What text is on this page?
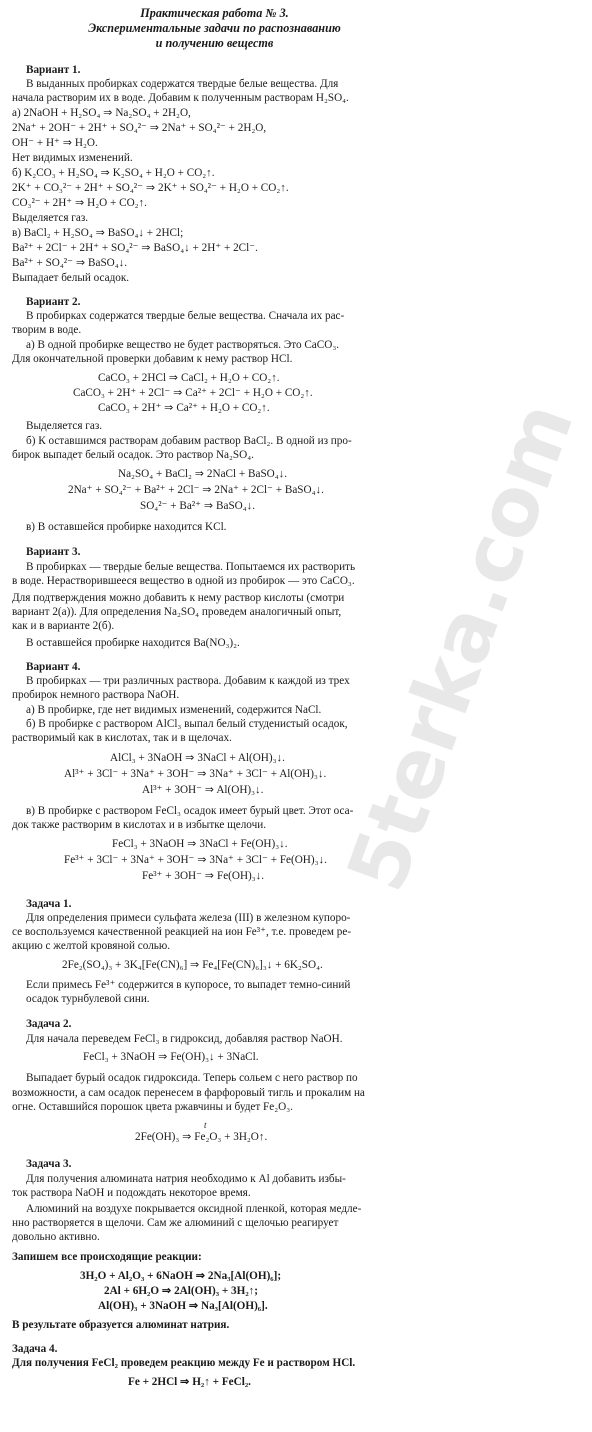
Практическая работа № 3.
Экспериментальные задачи по распознаванию
и получению веществ
5terka.com
Вариант 1.
В выданных пробирках содержатся твердые белые вещества. Для
начала растворим их в воде. Добавим к полученным растворам H₂SO₄.
а) 2NaOH + H₂SO₄ ⇒ Na₂SO₄ + 2H₂O,
2Na⁺ + 2OH⁻ + 2H⁺ + SO₄²⁻ ⇒ 2Na⁺ + SO₄²⁻ + 2H₂O,
OH⁻ + H⁺ ⇒ H₂O.
Нет видимых изменений.
б) K₂CO₃ + H₂SO₄ ⇒ K₂SO₄ + H₂O + CO₂↑.
2K⁺ + CO₃²⁻ + 2H⁺ + SO₄²⁻ ⇒ 2K⁺ + SO₄²⁻ + H₂O + CO₂↑.
CO₃²⁻ + 2H⁺ ⇒ H₂O + CO₂↑.
Выделяется газ.
в) BaCl₂ + H₂SO₄ ⇒ BaSO₄↓ + 2HCl;
Ba²⁺ + 2Cl⁻ + 2H⁺ + SO₄²⁻ ⇒ BaSO₄↓ + 2H⁺ + 2Cl⁻.
Ba²⁺ + SO₄²⁻ ⇒ BaSO₄↓.
Выпадает белый осадок.
Вариант 2.
В пробирках содержатся твердые белые вещества. Сначала их рас-
творим в воде.
а) В одной пробирке вещество не будет растворяться. Это CaCO₃.
Для окончательной проверки добавим к нему раствор HCl.
CaCO₃ + 2HCl ⇒ CaCl₂ + H₂O + CO₂↑.
CaCO₃ + 2H⁺ + 2Cl⁻ ⇒ Ca²⁺ + 2Cl⁻ + H₂O + CO₂↑.
CaCO₃ + 2H⁺ ⇒ Ca²⁺ + H₂O + CO₂↑.
Выделяется газ.
б) К оставшимся растворам добавим раствор BaCl₂. В одной из про-
бирок выпадет белый осадок. Это раствор Na₂SO₄.
Na₂SO₄ + BaCl₂ ⇒ 2NaCl + BaSO₄↓.
2Na⁺ + SO₄²⁻ + Ba²⁺ + 2Cl⁻ ⇒ 2Na⁺ + 2Cl⁻ + BaSO₄↓.
SO₄²⁻ + Ba²⁺ ⇒ BaSO₄↓.
в) В оставшейся пробирке находится KCl.
Вариант 3.
В пробирках — твердые белые вещества. Попытаемся их растворить
в воде. Нерастворившееся вещество в одной из пробирок — это CaCO₃.
Для подтверждения можно добавить к нему раствор кислоты (смотри
вариант 2(а)). Для определения Na₂SO₄ проведем аналогичный опыт,
как и в варианте 2(б).
В оставшейся пробирке находится Ba(NO₃)₂.
Вариант 4.
В пробирках — три различных раствора. Добавим к каждой из трех
пробирок немного раствора NaOH.
а) В пробирке, где нет видимых изменений, содержится NaCl.
б) В пробирке с раствором AlCl₃ выпал белый студенистый осадок,
растворимый как в кислотах, так и в щелочах.
AlCl₃ + 3NaOH ⇒ 3NaCl + Al(OH)₃↓.
Al³⁺ + 3Cl⁻ + 3Na⁺ + 3OH⁻ ⇒ 3Na⁺ + 3Cl⁻ + Al(OH)₃↓.
Al³⁺ + 3OH⁻ ⇒ Al(OH)₃↓.
в) В пробирке с раствором FeCl₃ осадок имеет бурый цвет. Этот оса-
док также растворим в кислотах и в избытке щелочи.
FeCl₃ + 3NaOH ⇒ 3NaCl + Fe(OH)₃↓.
Fe³⁺ + 3Cl⁻ + 3Na⁺ + 3OH⁻ ⇒ 3Na⁺ + 3Cl⁻ + Fe(OH)₃↓.
Fe³⁺ + 3OH⁻ ⇒ Fe(OH)₃↓.
Задача 1.
Для определения примеси сульфата железа (III) в железном купоро-
се воспользуемся качественной реакцией на ион Fe³⁺, т.е. проведем ре-
акцию с желтой кровяной солью.
2Fe₂(SO₄)₃ + 3K₄[Fe(CN)₆] ⇒ Fe₄[Fe(CN)₆]₃↓ + 6K₂SO₄.
Если примесь Fe³⁺ содержится в купоросе, то выпадет темно-синий
осадок турнбулевой сини.
Задача 2.
Для начала переведем FeCl₃ в гидроксид, добавляя раствор NaOH.
FeCl₃ + 3NaOH ⇒ Fe(OH)₃↓ + 3NaCl.
Выпадает бурый осадок гидроксида. Теперь сольем с него раствор по
возможности, а сам осадок перенесем в фарфоровый тигль и прокалим на
огне. Оставшийся порошок цвета ржавчины и будет Fe₂O₃.
t
2Fe(OH)₃ ⇒ Fe₂O₃ + 3H₂O↑.
Задача 3.
Для получения алюмината натрия необходимо к Al добавить избы-
ток раствора NaOH и подождать некоторое время.
Алюминий на воздухе покрывается оксидной пленкой, которая медле-
нно растворяется в щелочи. Сам же алюминий с щелочью реагирует
довольно активно.
Запишем все происходящие реакции:
3H₂O + Al₂O₃ + 6NaOH ⇒ 2Na₃[Al(OH)₆];
2Al + 6H₂O ⇒ 2Al(OH)₃ + 3H₂↑;
Al(OH)₃ + 3NaOH ⇒ Na₃[Al(OH)₆].
В результате образуется алюминат натрия.
Задача 4.
Для получения FeCl₂ проведем реакцию между Fe и раствором HCl.
Fe + 2HCl ⇒ H₂↑ + FeCl₂.
